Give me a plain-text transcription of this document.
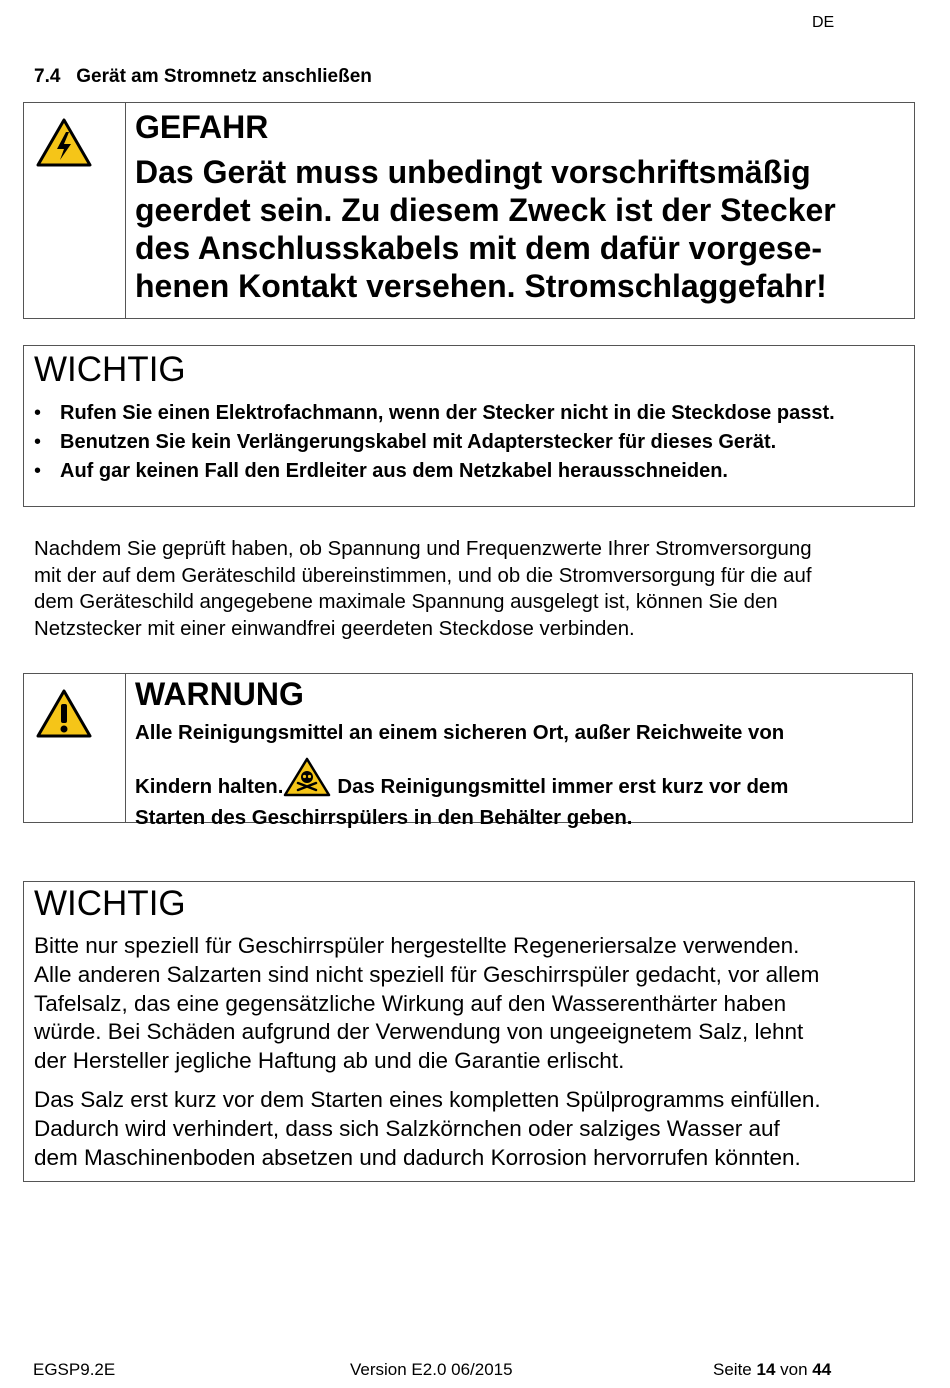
DE
7.4 Gerät am Stromnetz anschließen
GEFAHR
Das Gerät muss unbedingt vorschriftsmäßig
geerdet sein. Zu diesem Zweck ist der Stecker
des Anschlusskabels mit dem dafür vorgese-
henen Kontakt versehen. Stromschlaggefahr!
WICHTIG
• Rufen Sie einen Elektrofachmann, wenn der Stecker nicht in die Steckdose passt.
• Benutzen Sie kein Verlängerungskabel mit Adapterstecker für dieses Gerät.
• Auf gar keinen Fall den Erdleiter aus dem Netzkabel herausschneiden.
Nachdem Sie geprüft haben, ob Spannung und Frequenzwerte Ihrer Stromversorgung
mit der auf dem Geräteschild übereinstimmen, und ob die Stromversorgung für die auf
dem Geräteschild angegebene maximale Spannung ausgelegt ist, können Sie den
Netzstecker mit einer einwandfrei geerdeten Steckdose verbinden.
WARNUNG
Alle Reinigungsmittel an einem sicheren Ort, außer Reichweite von
Kindern halten.	Das Reinigungsmittel immer erst kurz vor dem
Starten des Geschirrspülers in den Behälter geben.
WICHTIG
Bitte nur speziell für Geschirrspüler hergestellte Regeneriersalze verwenden.
Alle anderen Salzarten sind nicht speziell für Geschirrspüler gedacht, vor allem
Tafelsalz, das eine gegensätzliche Wirkung auf den Wasserenthärter haben
würde. Bei Schäden aufgrund der Verwendung von ungeeignetem Salz, lehnt
der Hersteller jegliche Haftung ab und die Garantie erlischt.
Das Salz erst kurz vor dem Starten eines kompletten Spülprogramms einfüllen.
Dadurch wird verhindert, dass sich Salzkörnchen oder salziges Wasser auf
dem Maschinenboden absetzen und dadurch Korrosion hervorrufen könnten.
EGSP9.2E	Version E2.0 06/2015	Seite 14 von 44
